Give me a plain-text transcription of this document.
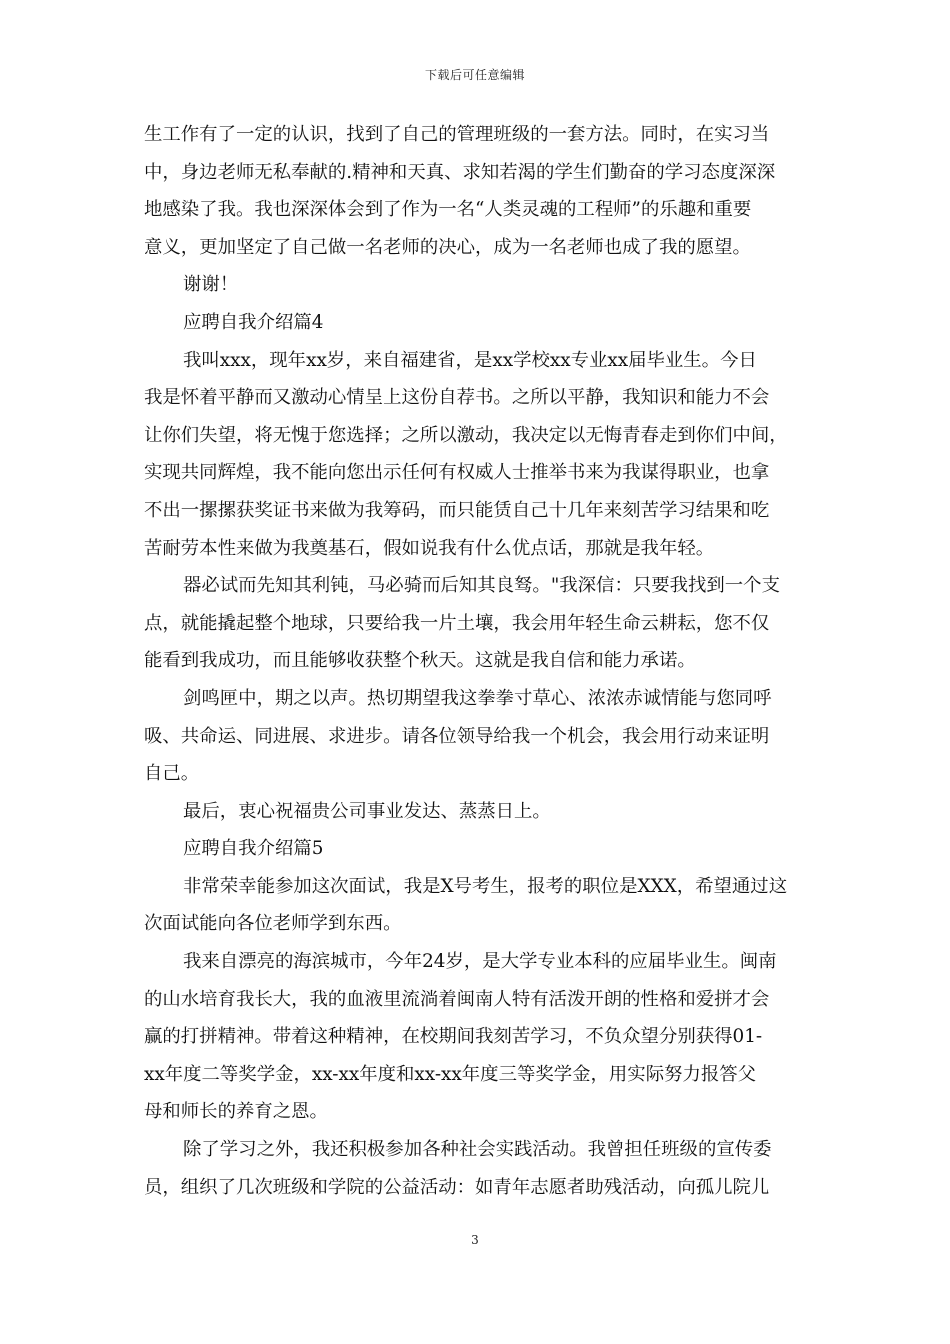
下载后可任意编辑
生工作有了一定的认识，找到了自己的管理班级的一套方法。同时，在实习当
中，身边老师无私奉献的.精神和天真、求知若渴的学生们勤奋的学习态度深深
地感染了我。我也深深体会到了作为一名“人类灵魂的工程师”的乐趣和重要
意义，更加坚定了自己做一名老师的决心，成为一名老师也成了我的愿望。
谢谢！
应聘自我介绍篇4
我叫xxx，现年xx岁，来自福建省，是xx学校xx专业xx届毕业生。今日
我是怀着平静而又激动心情呈上这份自荐书。之所以平静，我知识和能力不会
让你们失望，将无愧于您选择；之所以激动，我决定以无悔青春走到你们中间，
实现共同辉煌，我不能向您出示任何有权威人士推举书来为我谋得职业，也拿
不出一摞摞获奖证书来做为我筹码，而只能赁自己十几年来刻苦学习结果和吃
苦耐劳本性来做为我奠基石，假如说我有什么优点话，那就是我年轻。
器必试而先知其利钝，马必骑而后知其良驽。"我深信：只要我找到一个支
点，就能撬起整个地球，只要给我一片土壤，我会用年轻生命云耕耘，您不仅
能看到我成功，而且能够收获整个秋天。这就是我自信和能力承诺。
剑鸣匣中，期之以声。热切期望我这拳拳寸草心、浓浓赤诚情能与您同呼
吸、共命运、同进展、求进步。请各位领导给我一个机会，我会用行动来证明
自己。
最后，衷心祝福贵公司事业发达、蒸蒸日上。
应聘自我介绍篇5
非常荣幸能参加这次面试，我是X号考生，报考的职位是XXX，希望通过这
次面试能向各位老师学到东西。
我来自漂亮的海滨城市，今年24岁，是大学专业本科的应届毕业生。闽南
的山水培育我长大，我的血液里流淌着闽南人特有活泼开朗的性格和爱拼才会
赢的打拼精神。带着这种精神，在校期间我刻苦学习，不负众望分别获得01-
xx年度二等奖学金，xx-xx年度和xx-xx年度三等奖学金，用实际努力报答父
母和师长的养育之恩。
除了学习之外，我还积极参加各种社会实践活动。我曾担任班级的宣传委
员，组织了几次班级和学院的公益活动：如青年志愿者助残活动，向孤儿院儿
3
